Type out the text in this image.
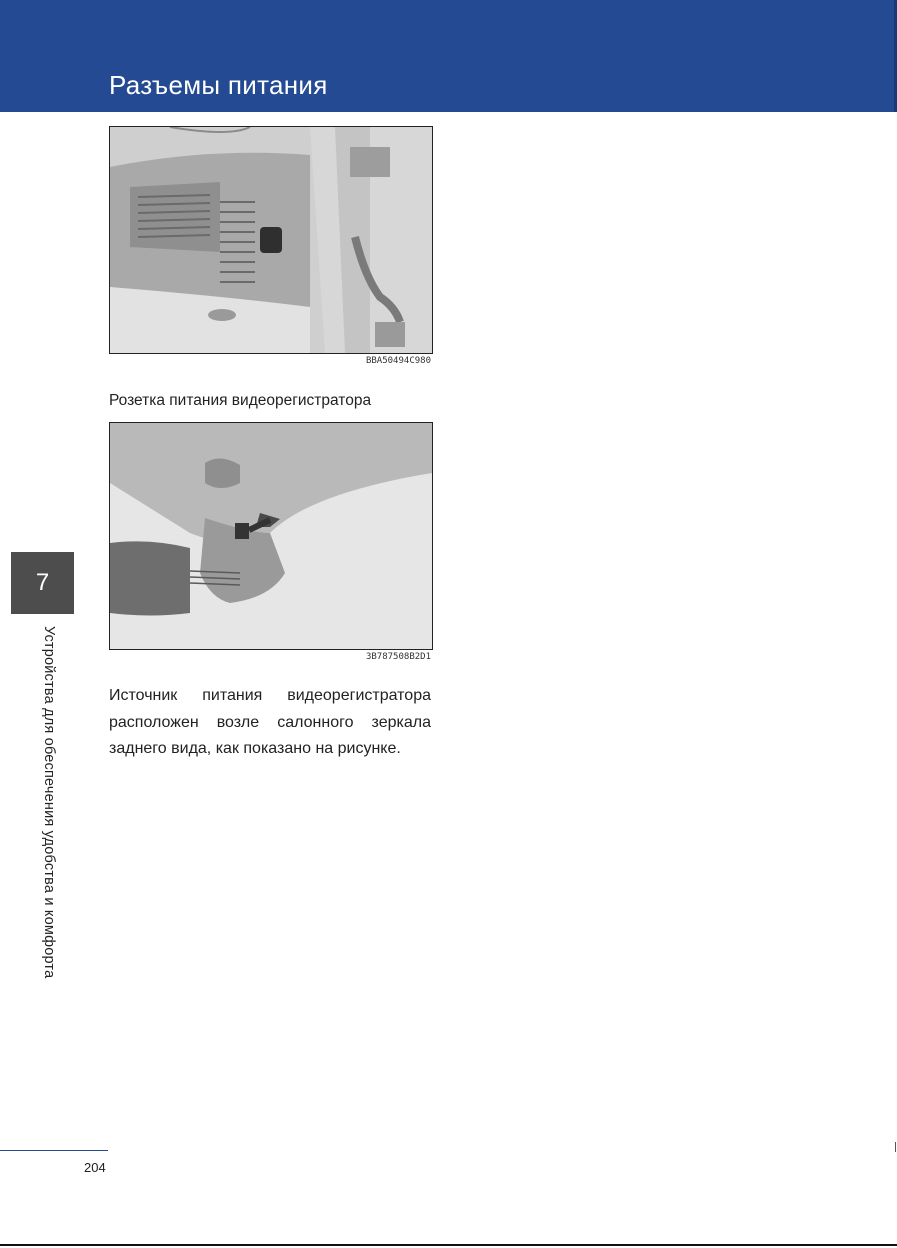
Разъемы питания
BBA50494C980
Розетка питания видеорегистратора
3B787508B2D1
Источник питания видеорегистратора расположен возле салонного зеркала заднего вида, как показано на рисунке.
7
Устройства для обеспечения удобства и комфорта
204
